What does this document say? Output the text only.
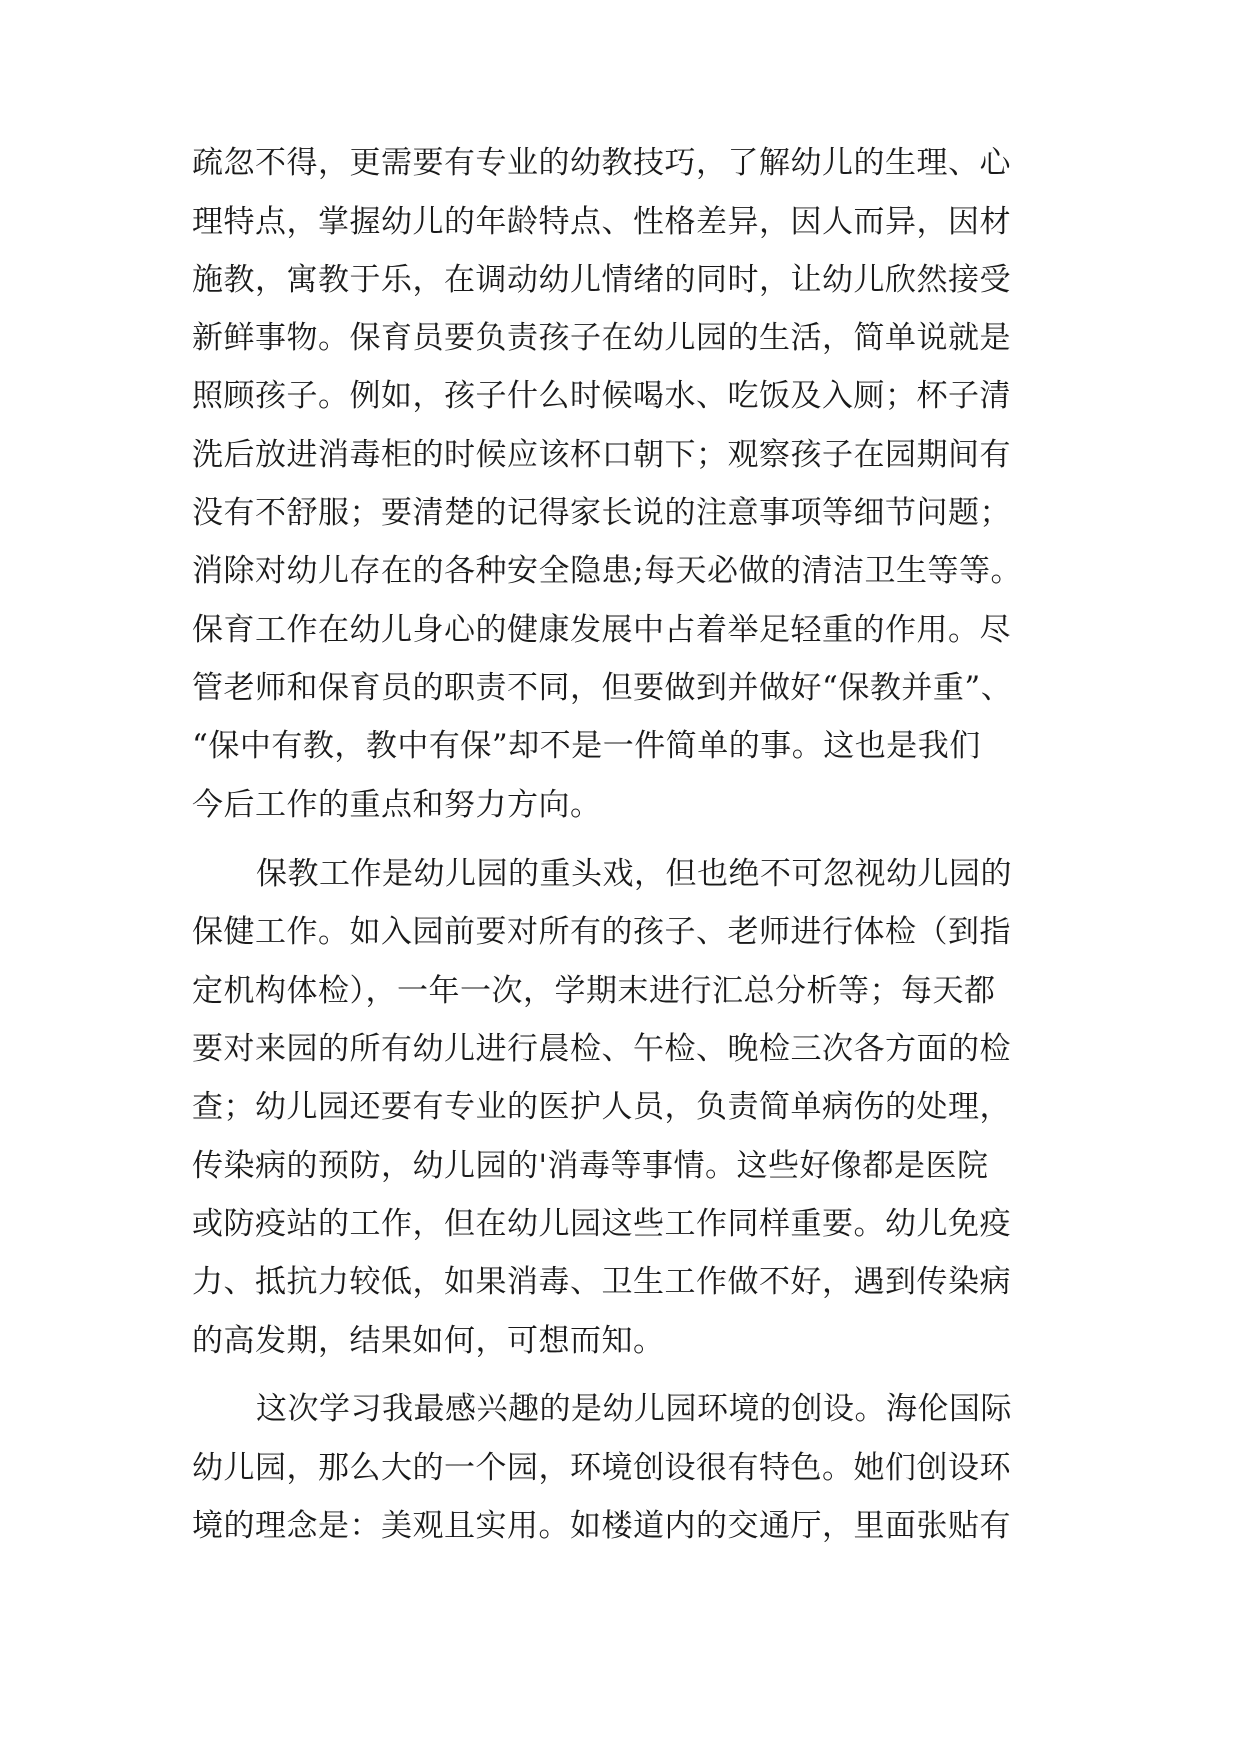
疏忽不得，更需要有专业的幼教技巧，了解幼儿的生理、心
理特点，掌握幼儿的年龄特点、性格差异，因人而异，因材
施教，寓教于乐，在调动幼儿情绪的同时，让幼儿欣然接受
新鲜事物。保育员要负责孩子在幼儿园的生活，简单说就是
照顾孩子。例如，孩子什么时候喝水、吃饭及入厕；杯子清
洗后放进消毒柜的时候应该杯口朝下；观察孩子在园期间有
没有不舒服；要清楚的记得家长说的注意事项等细节问题；
消除对幼儿存在的各种安全隐患;每天必做的清洁卫生等等。
保育工作在幼儿身心的健康发展中占着举足轻重的作用。尽
管老师和保育员的职责不同，但要做到并做好“保教并重”、
“保中有教，教中有保”却不是一件简单的事。这也是我们
今后工作的重点和努力方向。
保教工作是幼儿园的重头戏，但也绝不可忽视幼儿园的
保健工作。如入园前要对所有的孩子、老师进行体检（到指
定机构体检），一年一次，学期末进行汇总分析等；每天都
要对来园的所有幼儿进行晨检、午检、晚检三次各方面的检
查；幼儿园还要有专业的医护人员，负责简单病伤的处理，
传染病的预防，幼儿园的'消毒等事情。这些好像都是医院
或防疫站的工作，但在幼儿园这些工作同样重要。幼儿免疫
力、抵抗力较低，如果消毒、卫生工作做不好，遇到传染病
的高发期，结果如何，可想而知。
这次学习我最感兴趣的是幼儿园环境的创设。海伦国际
幼儿园，那么大的一个园，环境创设很有特色。她们创设环
境的理念是：美观且实用。如楼道内的交通厅，里面张贴有
